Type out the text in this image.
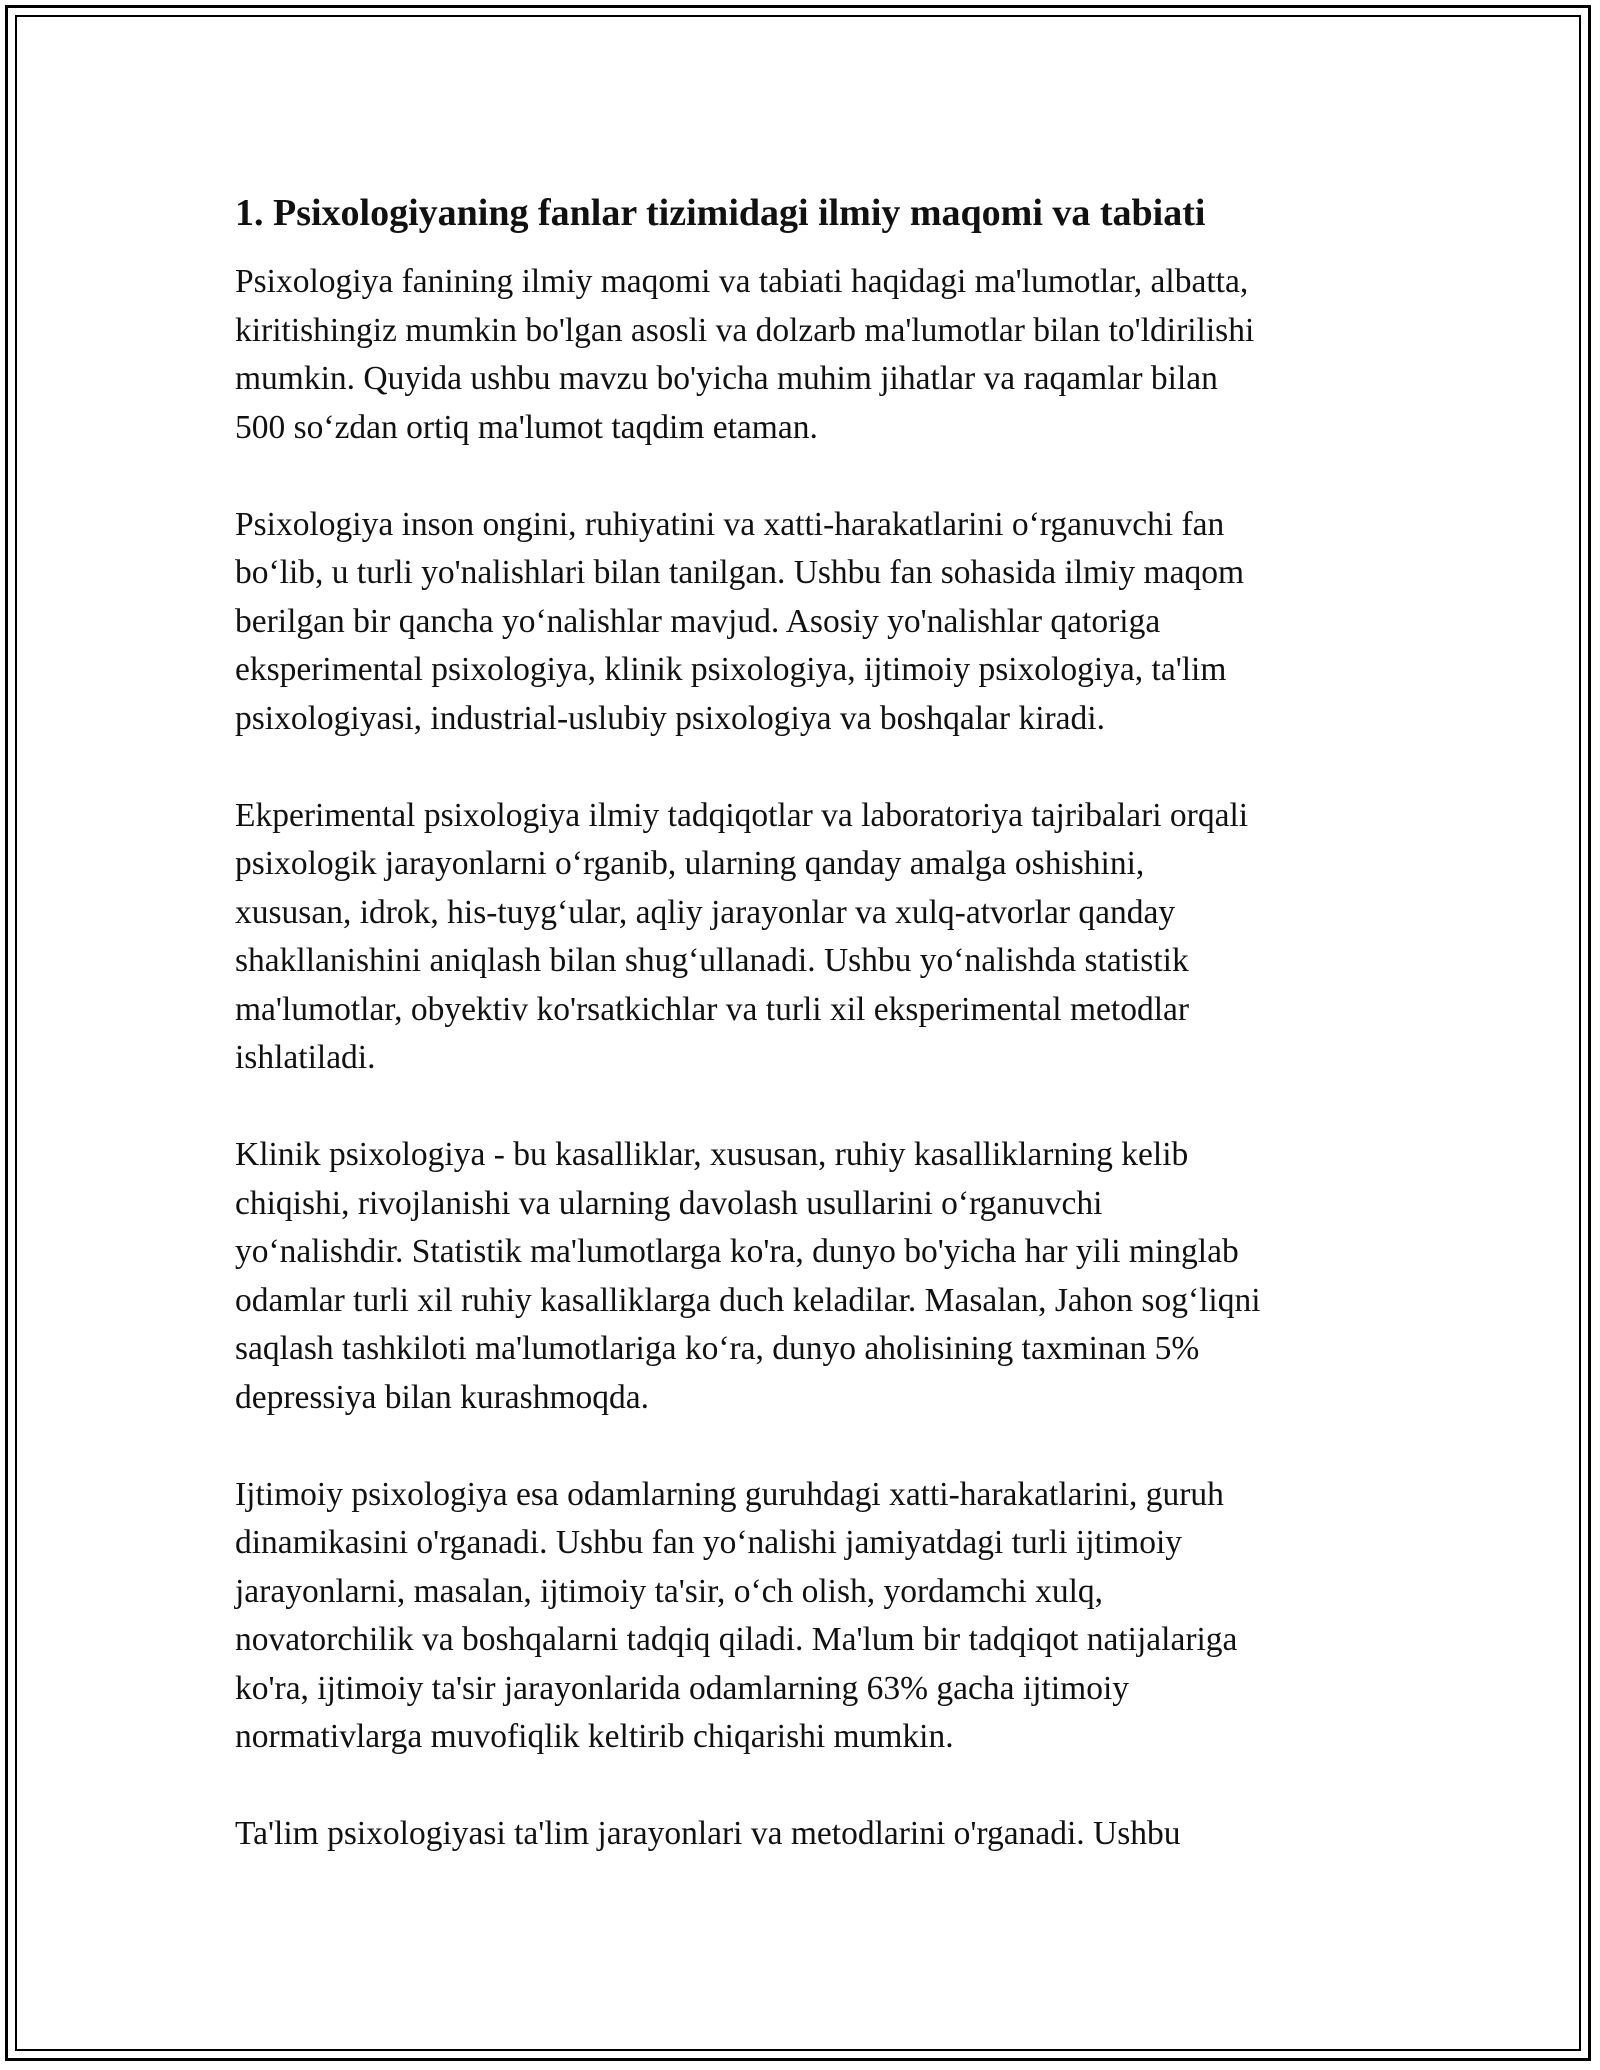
1. Psixologiyaning fanlar tizimidagi ilmiy maqomi va tabiati

Psixologiya fanining ilmiy maqomi va tabiati haqidagi ma'lumotlar, albatta,
kiritishingiz mumkin bo'lgan asosli va dolzarb ma'lumotlar bilan to'ldirilishi
mumkin. Quyida ushbu mavzu bo'yicha muhim jihatlar va raqamlar bilan
500 so‘zdan ortiq ma'lumot taqdim etaman.

Psixologiya inson ongini, ruhiyatini va xatti-harakatlarini o‘rganuvchi fan
bo‘lib, u turli yo'nalishlari bilan tanilgan. Ushbu fan sohasida ilmiy maqom
berilgan bir qancha yo‘nalishlar mavjud. Asosiy yo'nalishlar qatoriga
eksperimental psixologiya, klinik psixologiya, ijtimoiy psixologiya, ta'lim
psixologiyasi, industrial-uslubiy psixologiya va boshqalar kiradi.

Ekperimental psixologiya ilmiy tadqiqotlar va laboratoriya tajribalari orqali
psixologik jarayonlarni o‘rganib, ularning qanday amalga oshishini,
xususan, idrok, his-tuyg‘ular, aqliy jarayonlar va xulq-atvorlar qanday
shakllanishini aniqlash bilan shug‘ullanadi. Ushbu yo‘nalishda statistik
ma'lumotlar, obyektiv ko'rsatkichlar va turli xil eksperimental metodlar
ishlatiladi.

Klinik psixologiya - bu kasalliklar, xususan, ruhiy kasalliklarning kelib
chiqishi, rivojlanishi va ularning davolash usullarini o‘rganuvchi
yo‘nalishdir. Statistik ma'lumotlarga ko'ra, dunyo bo'yicha har yili minglab
odamlar turli xil ruhiy kasalliklarga duch keladilar. Masalan, Jahon sog‘liqni
saqlash tashkiloti ma'lumotlariga ko‘ra, dunyo aholisining taxminan 5%
depressiya bilan kurashmoqda.

Ijtimoiy psixologiya esa odamlarning guruhdagi xatti-harakatlarini, guruh
dinamikasini o'rganadi. Ushbu fan yo‘nalishi jamiyatdagi turli ijtimoiy
jarayonlarni, masalan, ijtimoiy ta'sir, o‘ch olish, yordamchi xulq,
novatorchilik va boshqalarni tadqiq qiladi. Ma'lum bir tadqiqot natijalariga
ko'ra, ijtimoiy ta'sir jarayonlarida odamlarning 63% gacha ijtimoiy
normativlarga muvofiqlik keltirib chiqarishi mumkin.

Ta'lim psixologiyasi ta'lim jarayonlari va metodlarini o'rganadi. Ushbu
